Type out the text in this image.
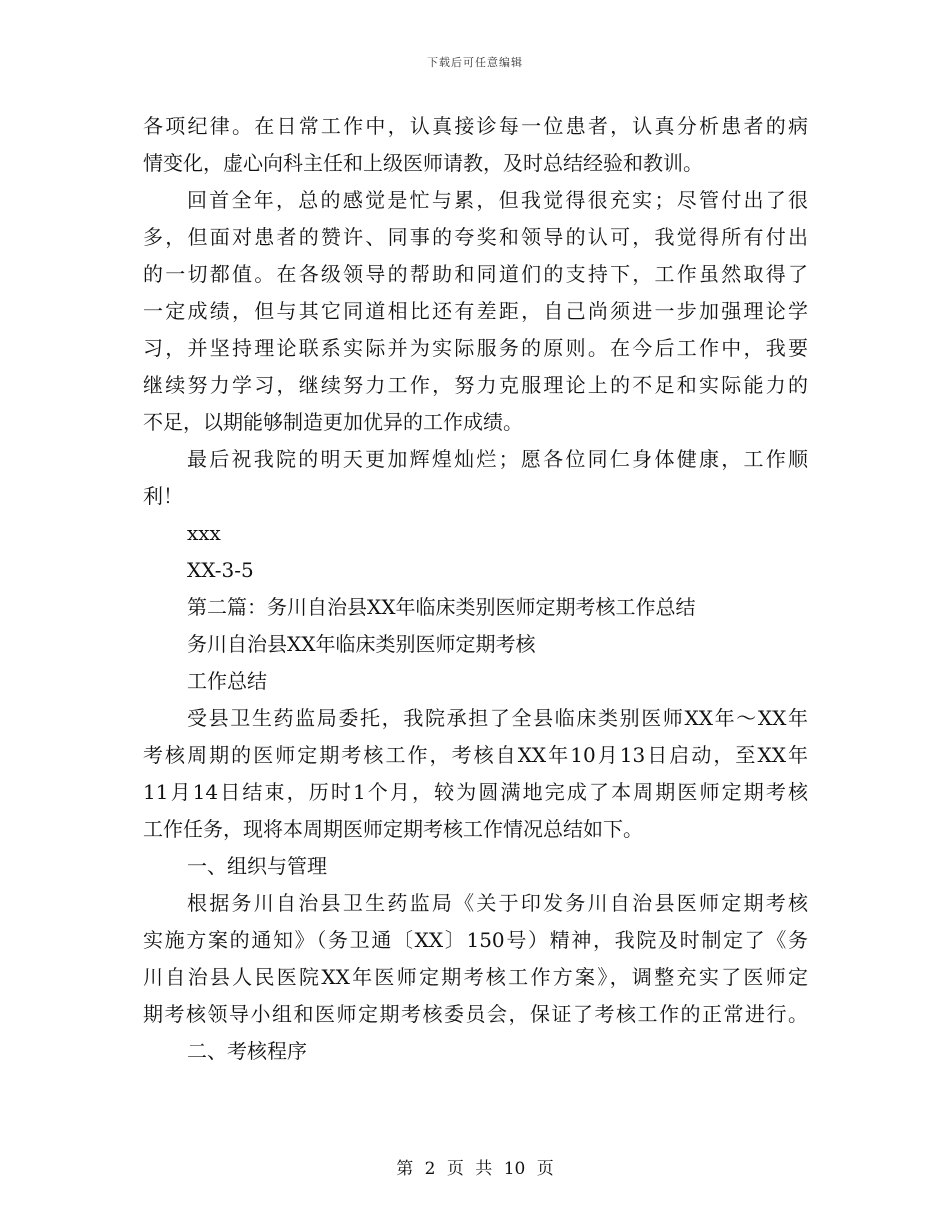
下载后可任意编辑
各项纪律。在日常工作中，认真接诊每一位患者，认真分析患者的病
情变化，虚心向科主任和上级医师请教，及时总结经验和教训。
回首全年，总的感觉是忙与累，但我觉得很充实；尽管付出了很
多，但面对患者的赞许、同事的夸奖和领导的认可，我觉得所有付出
的一切都值。在各级领导的帮助和同道们的支持下，工作虽然取得了
一定成绩，但与其它同道相比还有差距，自己尚须进一步加强理论学
习，并坚持理论联系实际并为实际服务的原则。在今后工作中，我要
继续努力学习，继续努力工作，努力克服理论上的不足和实际能力的
不足，以期能够制造更加优异的工作成绩。
最后祝我院的明天更加辉煌灿烂；愿各位同仁身体健康，工作顺
利！
xxx
XX-3-5
第二篇：务川自治县XX年临床类别医师定期考核工作总结
务川自治县XX年临床类别医师定期考核
工作总结
受县卫生药监局委托，我院承担了全县临床类别医师XX年～XX年
考核周期的医师定期考核工作，考核自XX年10月13日启动，至XX年
11月14日结束，历时1个月，较为圆满地完成了本周期医师定期考核
工作任务，现将本周期医师定期考核工作情况总结如下。
一、组织与管理
根据务川自治县卫生药监局《关于印发务川自治县医师定期考核
实施方案的通知》（务卫通〔XX〕150号）精神，我院及时制定了《务
川自治县人民医院XX年医师定期考核工作方案》，调整充实了医师定
期考核领导小组和医师定期考核委员会，保证了考核工作的正常进行。
二、考核程序
第 2 页 共 10 页
